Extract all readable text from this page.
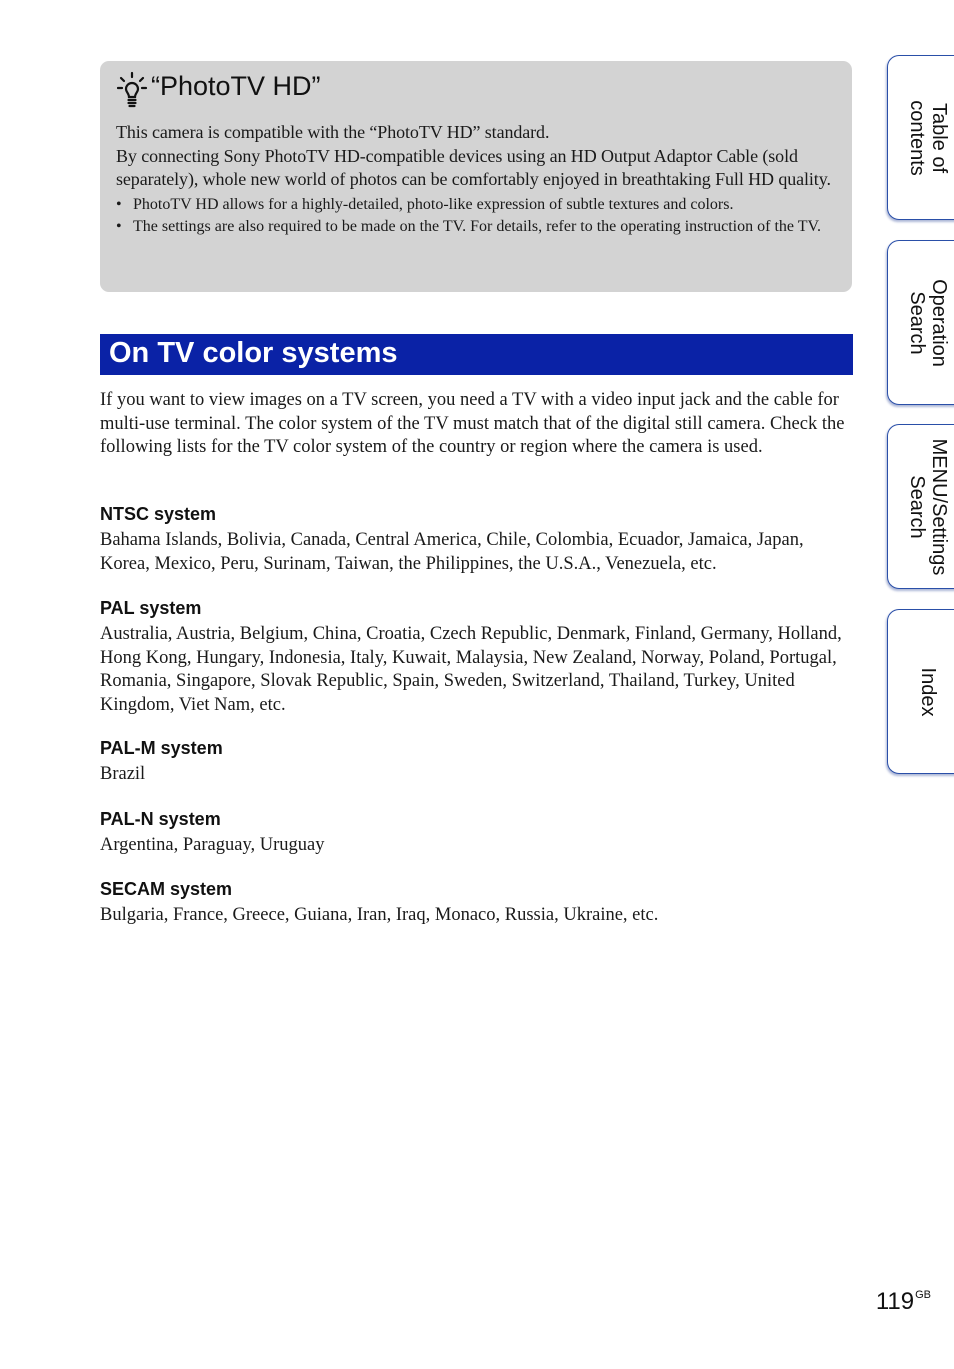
“PhotoTV HD”

This camera is compatible with the “PhotoTV HD” standard.

By connecting Sony PhotoTV HD-compatible devices using an HD Output Adaptor Cable (sold separately), whole new world of photos can be comfortably enjoyed in breathtaking Full HD quality.

• PhotoTV HD allows for a highly-detailed, photo-like expression of subtle textures and colors.
• The settings are also required to be made on the TV. For details, refer to the operating instruction of the TV.
On TV color systems

If you want to view images on a TV screen, you need a TV with a video input jack and the cable for multi-use terminal. The color system of the TV must match that of the digital still camera. Check the following lists for the TV color system of the country or region where the camera is used.

NTSC system

Bahama Islands, Bolivia, Canada, Central America, Chile, Colombia, Ecuador, Jamaica, Japan, Korea, Mexico, Peru, Surinam, Taiwan, the Philippines, the U.S.A., Venezuela, etc.

PAL system

Australia, Austria, Belgium, China, Croatia, Czech Republic, Denmark, Finland, Germany, Holland, Hong Kong, Hungary, Indonesia, Italy, Kuwait, Malaysia, New Zealand, Norway, Poland, Portugal, Romania, Singapore, Slovak Republic, Spain, Sweden, Switzerland, Thailand, Turkey, United Kingdom, Viet Nam, etc.

PAL-M system

Brazil

PAL-N system

Argentina, Paraguay, Uruguay

SECAM system

Bulgaria, France, Greece, Guiana, Iran, Iraq, Monaco, Russia, Ukraine, etc.

Table of
contents
Operation
Search
MENU/Settings
Search
Index
$119^{GB}$
